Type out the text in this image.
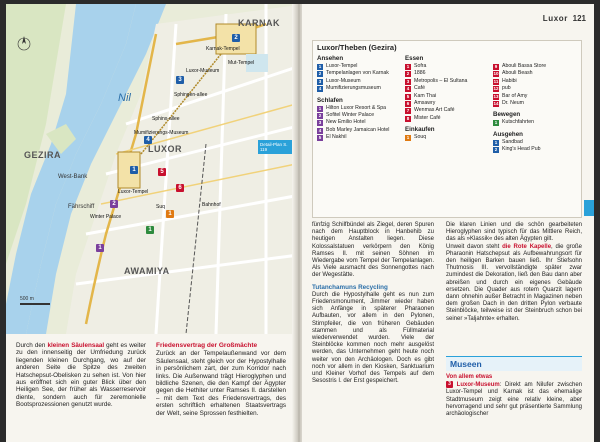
Nil
GEZIRA
LUXOR
KARNAK
AWAMIYA
West-Bank
Fährschiff
Karnak-Tempel
Mut-Tempel
Luxor-Tempel
Sphingen-allee
Sphinx-allee
Winter Palace
Luxor-Museum
Mumifizierungs-Museum
Bahnhof
Suq
1
2
3
4
5
6
2
1
1
1
Detail-Plan S. 119
500 m

Durch den kleinen Säulensaal geht es weiter zu den innenseitig der Umfriedung zurück liegenden kleinen Durchgang, wo auf der anderen Seite die Spitze des zweiten Hatschepsut-Obelisken zu sehen ist. Von hier aus eröffnet sich ein guter Blick über den Heiligen See, der früher als Wasserreservoir diente, sondern auch für zeremonielle Bootsprozessionen genutzt wurde.

Friedensvertrag der Großmächte

Zurück an der Tempelaußenwand vor dem Säulensaal, steht gleich vor der Hypostylhalle in persönlichem zart, der zum Korridor nach links. Die Außenwand trägt Hieroglyphen und bildliche Szenen, die den Kampf der Ägypter gegen die Hethiter unter Ramses II. darstellen – mit dem Text des Friedensvertrags, des ersten schriftlich erhaltenen Staatsvertrags der Welt, seine Sprossen festhielten.

Luxor 121
Luxor/Theben (Gezira)
Ansehen
1 Luxor-Tempel
2 Tempelanlagen von Karnak
3 Luxor-Museum
4 Mumifizierungsmuseum
Schlafen
1 Hilton Luxor Resort & Spa
2 Sofitel Winter Palace
3 New Emilio Hotel
4 Bob Marley Jamaican Hotel
5 El Nakhil
Essen
1 Sofra
2 1886
3 Metropolis – El Sultana
4 Café
5 Kam Thai
6 Amsawry
7 Wenmas Art Café
8 Mister Café
Einkaufen
1 Souq
9 Abouli Bassa Store
10 Abouli Beash
11 Habibi
12 pub
13 Bar of Amy
14 Dr. Neum
Bewegen
1 Kutschfahrten
Ausgehen
1 Sandbad
2 King's Head Pub

fünfzig Schilfbündel als Ziegel, deren Spuren nach dem Hauptblock in Hanbehib zu heutigen Anstalten liegen. Diese Kolossalstatuen verkörpern den König Ramses II. mit seinen Söhnen im Wiedergabe vom Tempel der Tempelanlagen. Als Viele ausmacht des Sonnengottes nach der Wegestätte.

Tutanchamuns Recycling

Durch die Hypostylhalle geht es nun zum Friedensmonument, Jimmer wieder haben sich Anfänge in späterer Pharaonen Aufbauten, vor allem in den Pylonen, Stirnpfeiler, die von früheren Gebäuden stammen und als Füllmaterial wiederverwendet wurden. Viele der Steinblöcke kommen noch mehr ausgelöst werden, das Unternehmen geht heute noch weiter von den Archäologen. Doch es gibt noch vor allem in den Kiosken, Sanktuarium und Kleiner Vorhof des Tempels auf dem Sesostris I. der Erst gespeichert.

Die klaren Linien und die schön gearbeiteten Hieroglyphen sind typisch für das Mittlere Reich, das als »Klassik« des alten Ägypten gilt.

Unweit davon steht die Rote Kapelle, die große Pharaonin Hatschepsut als Aufbewahrungsort für den heiligen Barken bauen ließ. Ihr Stiefsohn Thutmosis III. vervollständigte später zwar zumindest die Dekoration, ließ den Bau dann aber abreißen und durch ein eigenes Gebäude ersetzen. Die Quader aus rotem Quarzit lagern dann ohnehin außer Betracht in Magazinen neben dem großen Dach in den dritten Pylon verbaute Steinblöcke, teilweise ist der Steinbruch schon bei seiner »Taljahnte« erhalten.

Museen
Von allem etwas

3 Luxor-Museum: Direkt am Nilufer zwischen Luxor-Tempel und Karnak ist das ehemalige Stadtmuseum zeigt eine relativ kleine, aber hervorragend und sehr gut präsentierte Sammlung archäologischer
